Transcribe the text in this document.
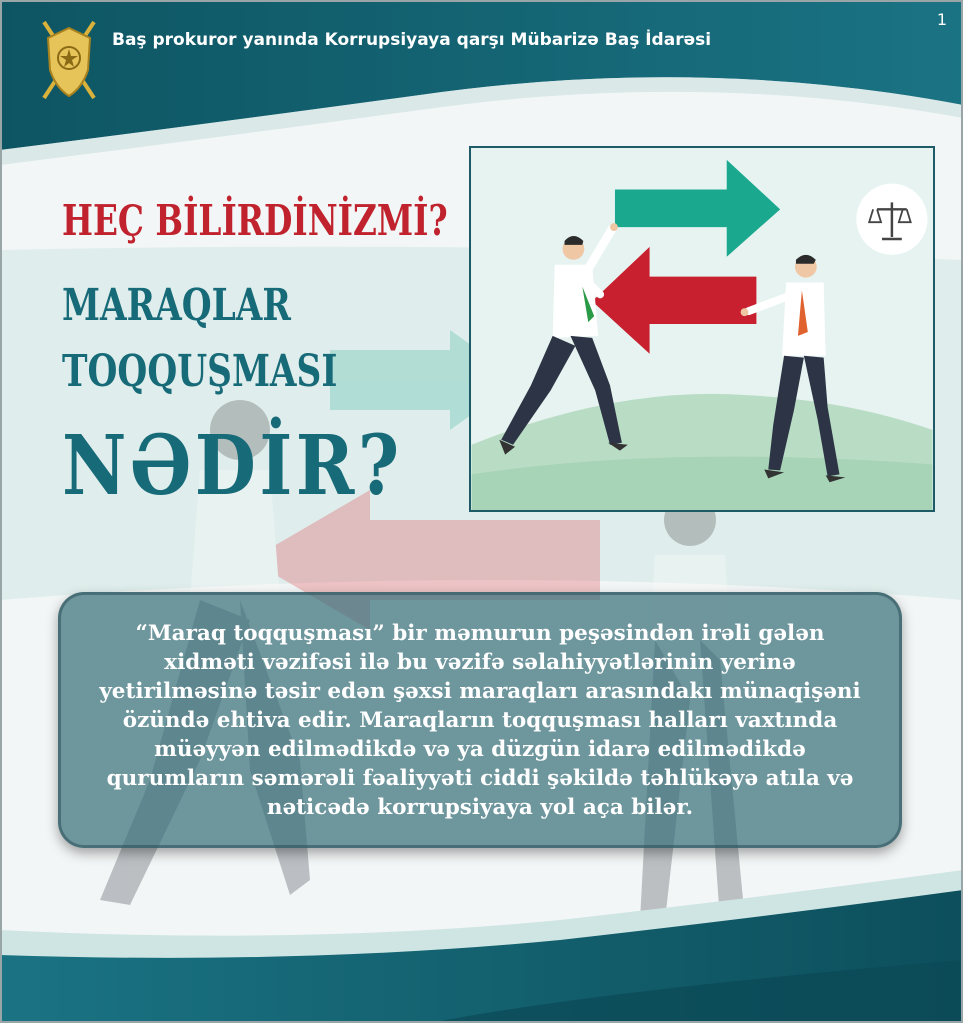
Baş prokuror yanında Korrupsiyaya qarşı Mübarizə Baş İdarəsi
1
HEÇ BİLİRDİNİZMİ?
MARAQLAR
TOQQUŞMASI
NƏDİR?

“Maraq toqquşması” bir məmurun peşəsindən irəli gələn xidməti vəzifəsi ilə bu vəzifə səlahiyyətlərinin yerinə yetirilməsinə təsir edən şəxsi maraqları arasındakı münaqişəni özündə ehtiva edir. Maraqların toqquşması halları vaxtında müəyyən edilmədikdə və ya düzgün idarə edilmədikdə qurumların səmərəli fəaliyyəti ciddi şəkildə təhlükəyə atıla və nəticədə korrupsiyaya yol aça bilər.
